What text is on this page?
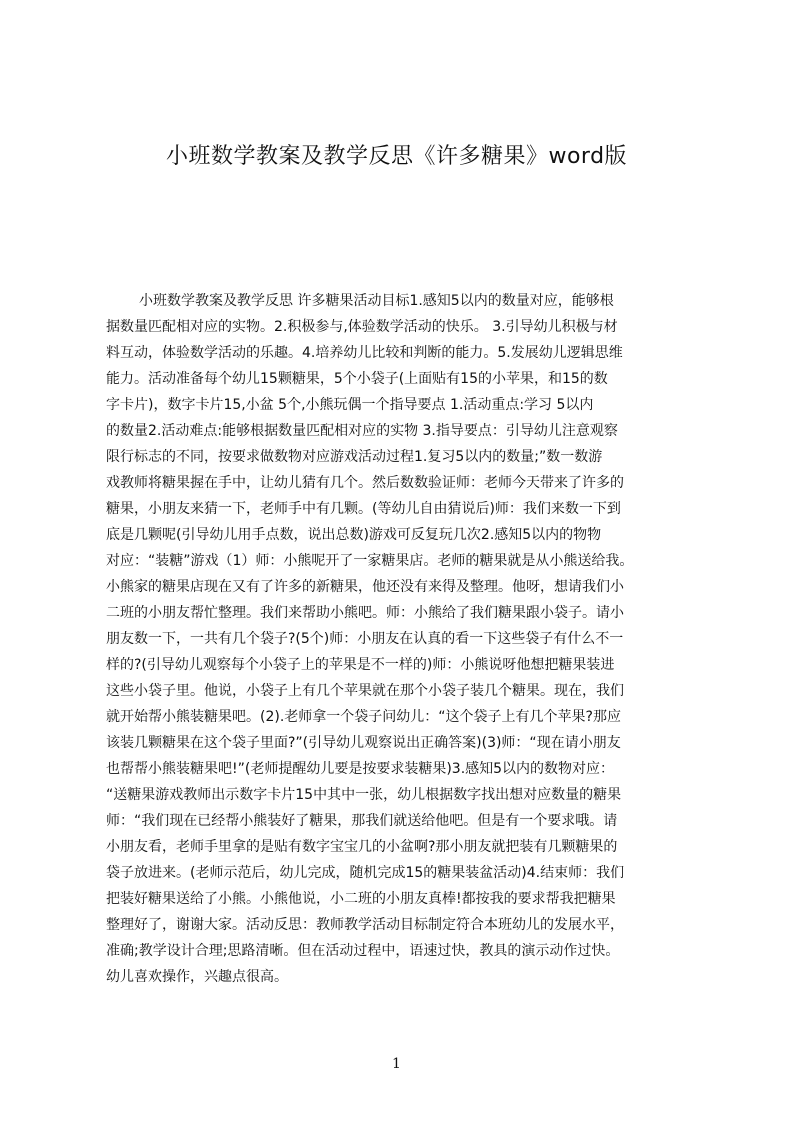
小班数学教案及教学反思《许多糖果》word版
小班数学教案及教学反思 许多糖果活动目标1.感知5以内的数量对应，能够根
据数量匹配相对应的实物。2.积极参与,体验数学活动的快乐。 3.引导幼儿积极与材
料互动，体验数学活动的乐趣。4.培养幼儿比较和判断的能力。5.发展幼儿逻辑思维
能力。活动准备每个幼儿15颗糖果，5个小袋子(上面贴有15的小苹果，和15的数
字卡片)，数字卡片15,小盆 5个,小熊玩偶一个指导要点 1.活动重点:学习 5以内
的数量2.活动难点:能够根据数量匹配相对应的实物 3.指导要点：引导幼儿注意观察
限行标志的不同，按要求做数物对应游戏活动过程1.复习5以内的数量;”数一数游
戏教师将糖果握在手中，让幼儿猜有几个。然后数数验证师：老师今天带来了许多的
糖果，小朋友来猜一下，老师手中有几颗。(等幼儿自由猜说后)师：我们来数一下到
底是几颗呢(引导幼儿用手点数，说出总数)游戏可反复玩几次2.感知5以内的物物
对应：“装糖”游戏（1）师：小熊呢开了一家糖果店。老师的糖果就是从小熊送给我。
小熊家的糖果店现在又有了许多的新糖果，他还没有来得及整理。他呀，想请我们小
二班的小朋友帮忙整理。我们来帮助小熊吧。师：小熊给了我们糖果跟小袋子。请小
朋友数一下，一共有几个袋子?(5个)师：小朋友在认真的看一下这些袋子有什么不一
样的?(引导幼儿观察每个小袋子上的苹果是不一样的)师：小熊说呀他想把糖果装进
这些小袋子里。他说，小袋子上有几个苹果就在那个小袋子装几个糖果。现在，我们
就开始帮小熊装糖果吧。(2).老师拿一个袋子问幼儿：“这个袋子上有几个苹果?那应
该装几颗糖果在这个袋子里面?”(引导幼儿观察说出正确答案)(3)师：“现在请小朋友
也帮帮小熊装糖果吧!”(老师提醒幼儿要是按要求装糖果)3.感知5以内的数物对应：
“送糖果游戏教师出示数字卡片15中其中一张，幼儿根据数字找出想对应数量的糖果
师：“我们现在已经帮小熊装好了糖果，那我们就送给他吧。但是有一个要求哦。请
小朋友看，老师手里拿的是贴有数字宝宝几的小盆啊?那小朋友就把装有几颗糖果的
袋子放进来。(老师示范后，幼儿完成，随机完成15的糖果装盆活动)4.结束师：我们
把装好糖果送给了小熊。小熊他说，小二班的小朋友真棒!都按我的要求帮我把糖果
整理好了，谢谢大家。活动反思：教师教学活动目标制定符合本班幼儿的发展水平，
准确;教学设计合理;思路清晰。但在活动过程中，语速过快，教具的演示动作过快。
幼儿喜欢操作，兴趣点很高。
1
